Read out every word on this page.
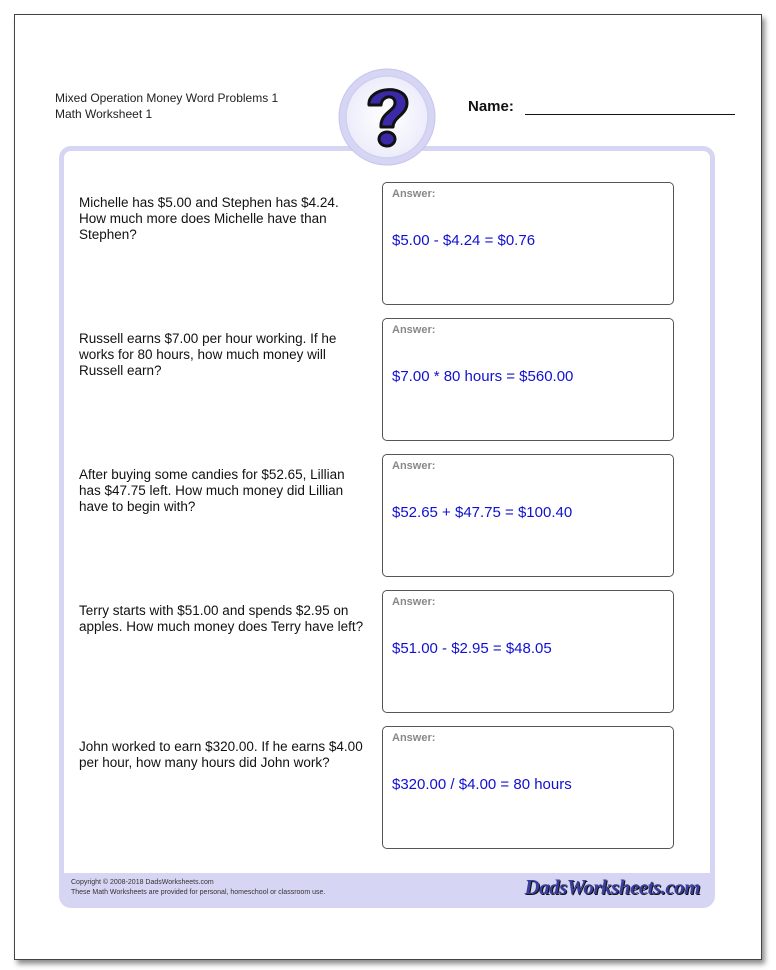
Mixed Operation Money Word Problems 1
Math Worksheet 1	Name:
Michelle has $5.00 and Stephen has $4.24. How much more does Michelle have than Stephen?
Answer:
$5.00 - $4.24 = $0.76
Russell earns $7.00 per hour working. If he works for 80 hours, how much money will Russell earn?
Answer:
$7.00 * 80 hours = $560.00
After buying some candies for $52.65, Lillian has $47.75 left. How much money did Lillian have to begin with?
Answer:
$52.65 + $47.75 = $100.40
Terry starts with $51.00 and spends $2.95 on apples. How much money does Terry have left?
Answer:
$51.00 - $2.95 = $48.05
John worked to earn $320.00. If he earns $4.00 per hour, how many hours did John work?
Answer:
$320.00 / $4.00 = 80 hours
Copyright © 2008-2018 DadsWorksheets.com
These Math Worksheets are provided for personal, homeschool or classroom use.	DadsWorksheets.com
